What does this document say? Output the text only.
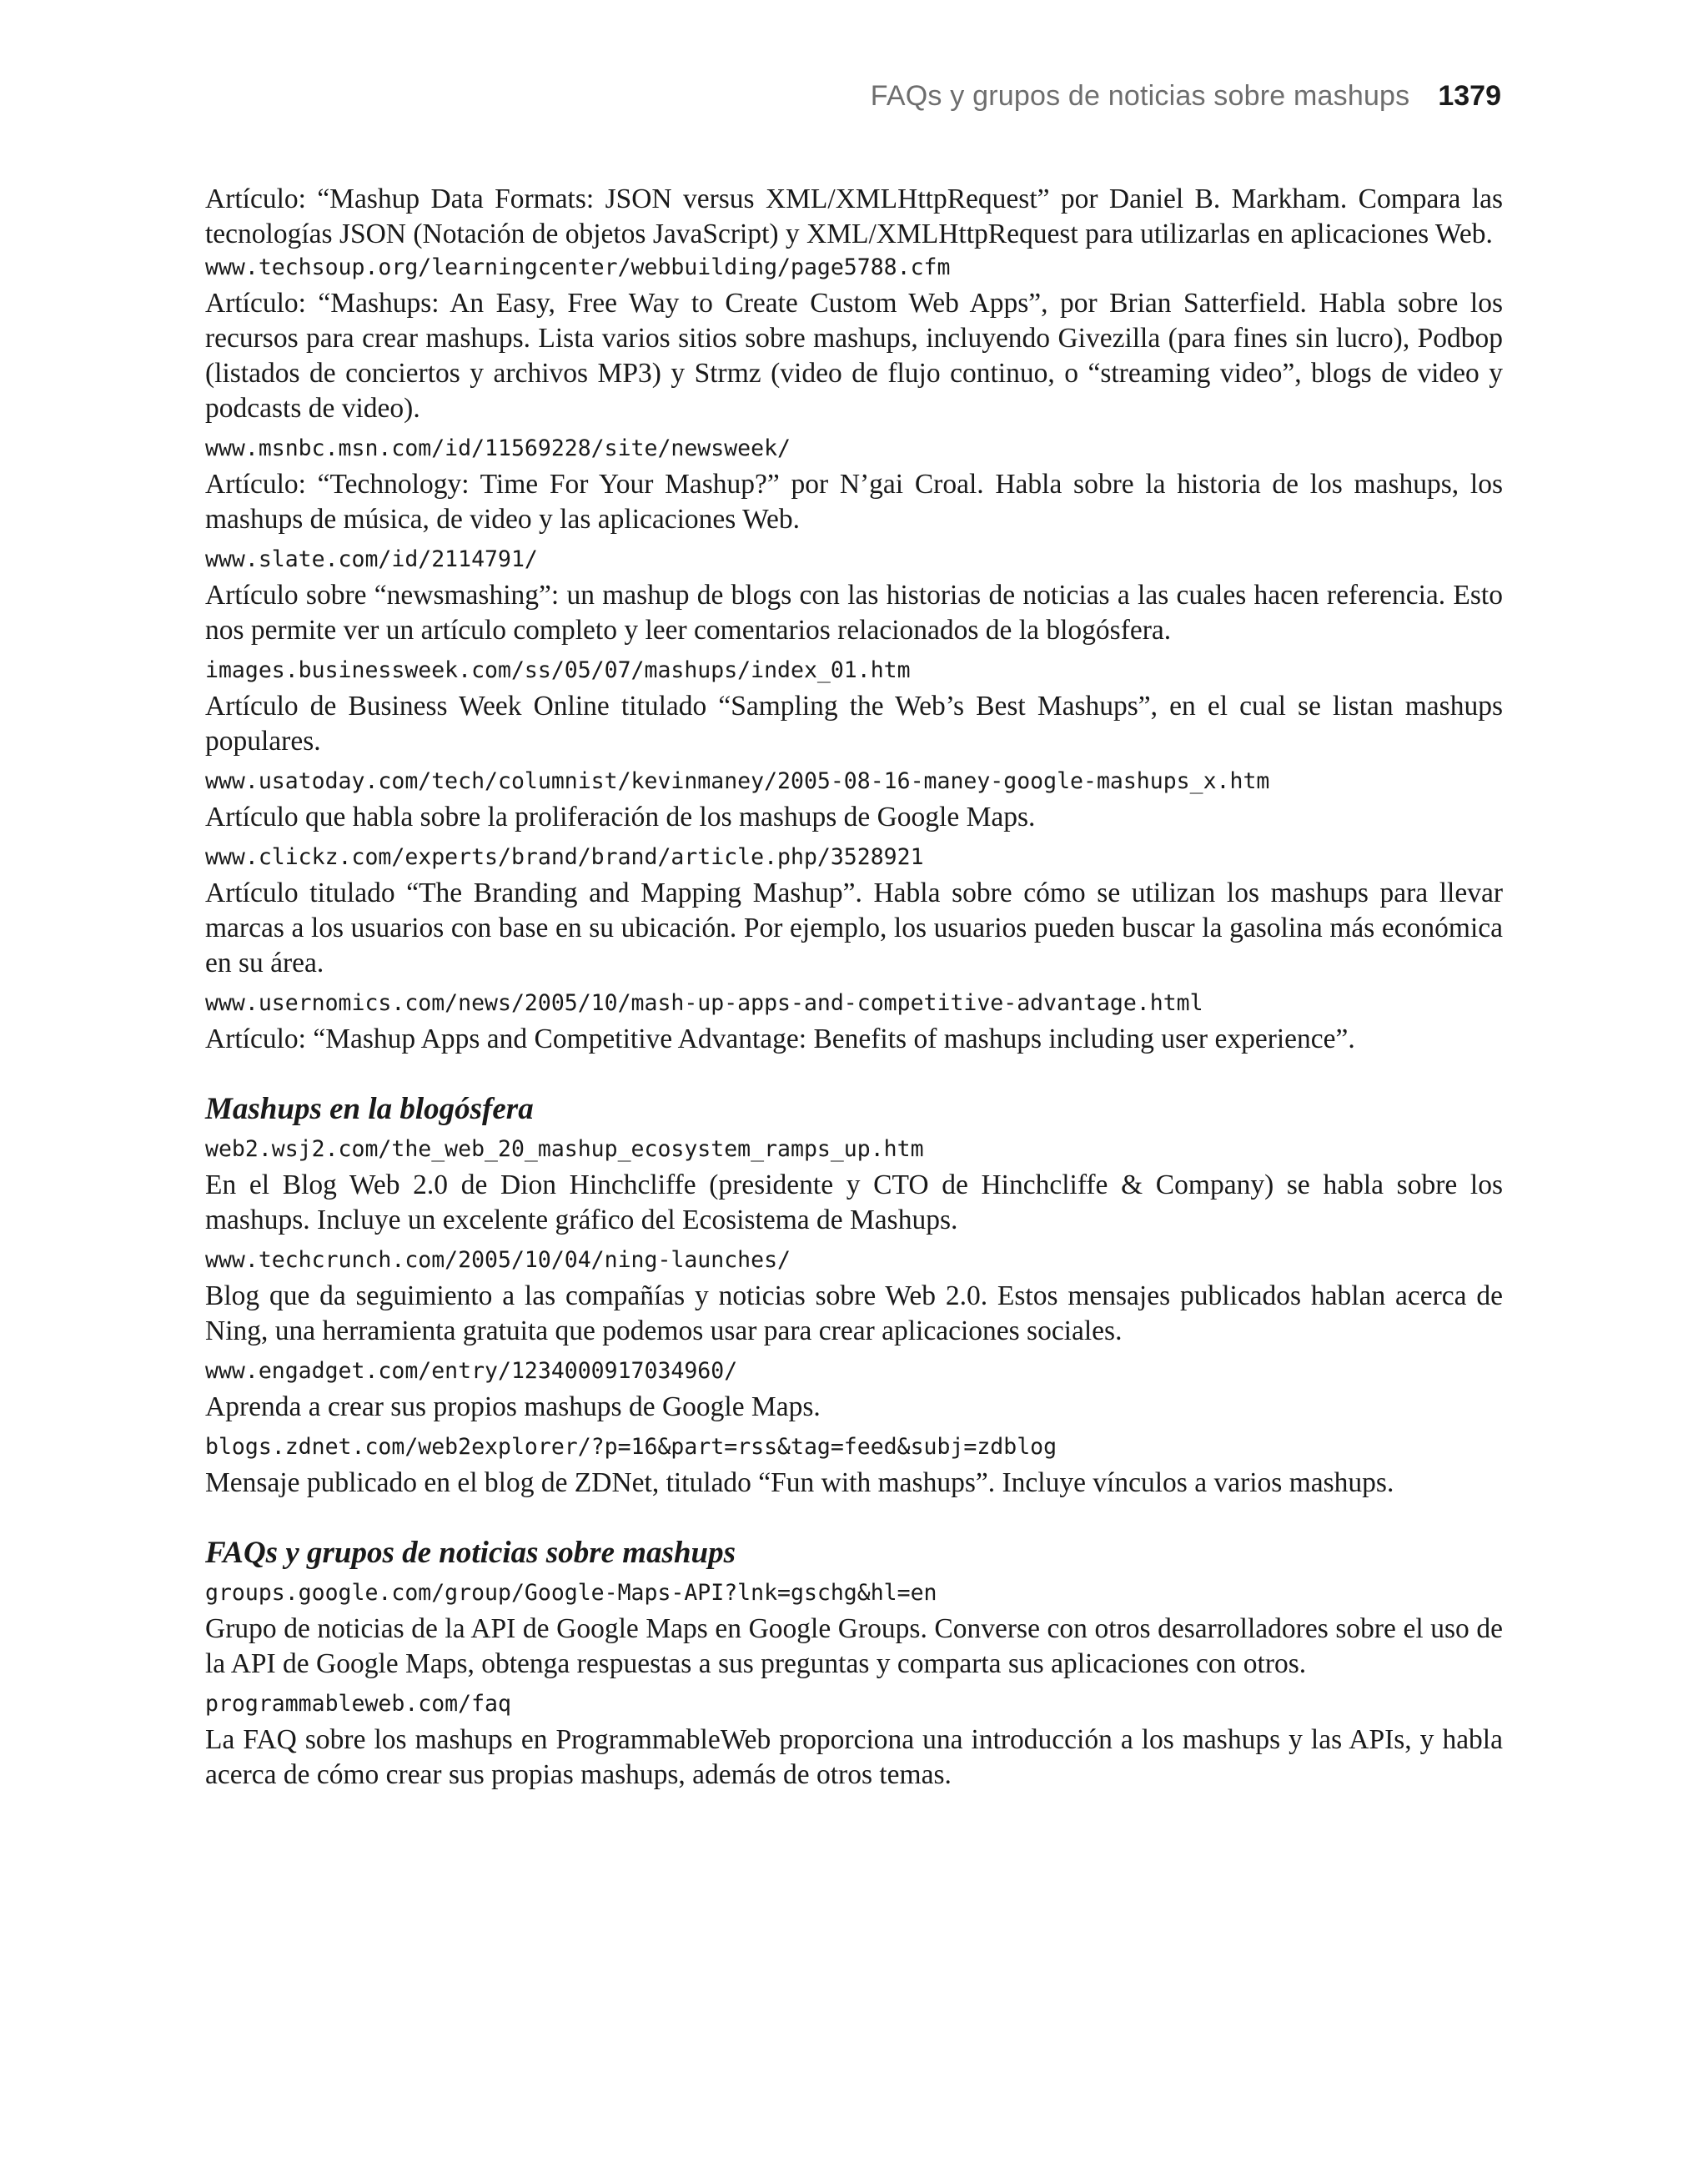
FAQs y grupos de noticias sobre mashups 1379

Artículo: “Mashup Data Formats: JSON versus XML/XMLHttpRequest” por Daniel B. Markham. Compara las tecnologías JSON (Notación de objetos JavaScript) y XML/XMLHttpRequest para utilizarlas en aplicaciones Web.

www.techsoup.org/learningcenter/webbuilding/page5788.cfm

Artículo: “Mashups: An Easy, Free Way to Create Custom Web Apps”, por Brian Satterfield. Habla sobre los recursos para crear mashups. Lista varios sitios sobre mashups, incluyendo Givezilla (para fines sin lucro), Podbop (listados de conciertos y archivos MP3) y Strmz (video de flujo continuo, o “streaming video”, blogs de video y podcasts de video).

www.msnbc.msn.com/id/11569228/site/newsweek/

Artículo: “Technology: Time For Your Mashup?” por N’gai Croal. Habla sobre la historia de los mashups, los mashups de música, de video y las aplicaciones Web.

www.slate.com/id/2114791/

Artículo sobre “newsmashing”: un mashup de blogs con las historias de noticias a las cuales hacen referencia. Esto nos permite ver un artículo completo y leer comentarios relacionados de la blogósfera.

images.businessweek.com/ss/05/07/mashups/index_01.htm

Artículo de Business Week Online titulado “Sampling the Web’s Best Mashups”, en el cual se listan mashups populares.

www.usatoday.com/tech/columnist/kevinmaney/2005-08-16-maney-google-mashups_x.htm

Artículo que habla sobre la proliferación de los mashups de Google Maps.

www.clickz.com/experts/brand/brand/article.php/3528921

Artículo titulado “The Branding and Mapping Mashup”. Habla sobre cómo se utilizan los mashups para llevar marcas a los usuarios con base en su ubicación. Por ejemplo, los usuarios pueden buscar la gasolina más económica en su área.

www.usernomics.com/news/2005/10/mash-up-apps-and-competitive-advantage.html

Artículo: “Mashup Apps and Competitive Advantage: Benefits of mashups including user experience”.

Mashups en la blogósfera
web2.wsj2.com/the_web_20_mashup_ecosystem_ramps_up.htm

En el Blog Web 2.0 de Dion Hinchcliffe (presidente y CTO de Hinchcliffe & Company) se habla sobre los mashups. Incluye un excelente gráfico del Ecosistema de Mashups.

www.techcrunch.com/2005/10/04/ning-launches/

Blog que da seguimiento a las compañías y noticias sobre Web 2.0. Estos mensajes publicados hablan acerca de Ning, una herramienta gratuita que podemos usar para crear aplicaciones sociales.

www.engadget.com/entry/1234000917034960/

Aprenda a crear sus propios mashups de Google Maps.

blogs.zdnet.com/web2explorer/?p=16&part=rss&tag=feed&subj=zdblog

Mensaje publicado en el blog de ZDNet, titulado “Fun with mashups”. Incluye vínculos a varios mashups.

FAQs y grupos de noticias sobre mashups
groups.google.com/group/Google-Maps-API?lnk=gschg&hl=en

Grupo de noticias de la API de Google Maps en Google Groups. Converse con otros desarrolladores sobre el uso de la API de Google Maps, obtenga respuestas a sus preguntas y comparta sus aplicaciones con otros.

programmableweb.com/faq

La FAQ sobre los mashups en ProgrammableWeb proporciona una introducción a los mashups y las APIs, y habla acerca de cómo crear sus propias mashups, además de otros temas.
